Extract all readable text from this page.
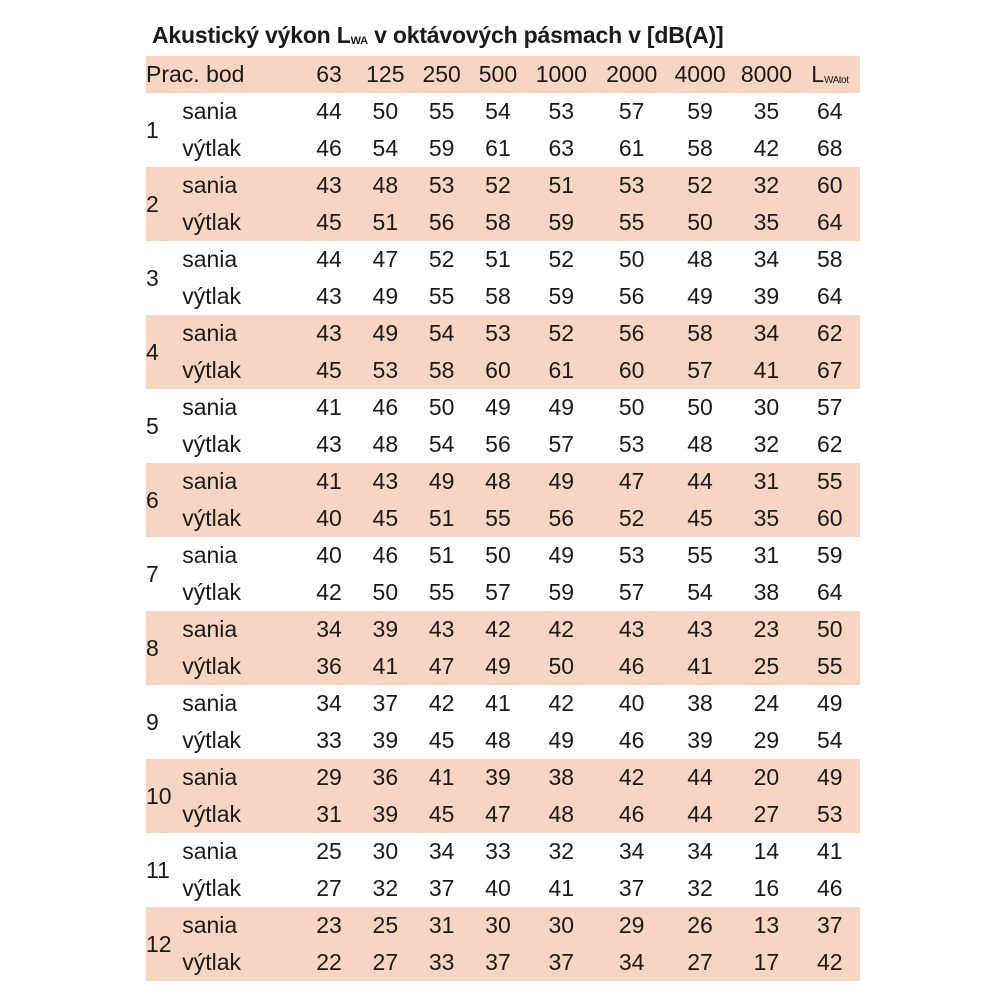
Akustický výkon $L_{WA}$ v oktávových pásmach v [dB(A)]
Prac. bod		63	125	250	500	1000	2000	4000	8000	$L_{WAtot}$
1	sania	44	50	55	54	53	57	59	35	64
	výtlak	46	54	59	61	63	61	58	42	68
2	sania	43	48	53	52	51	53	52	32	60
	výtlak	45	51	56	58	59	55	50	35	64
3	sania	44	47	52	51	52	50	48	34	58
	výtlak	43	49	55	58	59	56	49	39	64
4	sania	43	49	54	53	52	56	58	34	62
	výtlak	45	53	58	60	61	60	57	41	67
5	sania	41	46	50	49	49	50	50	30	57
	výtlak	43	48	54	56	57	53	48	32	62
6	sania	41	43	49	48	49	47	44	31	55
	výtlak	40	45	51	55	56	52	45	35	60
7	sania	40	46	51	50	49	53	55	31	59
	výtlak	42	50	55	57	59	57	54	38	64
8	sania	34	39	43	42	42	43	43	23	50
	výtlak	36	41	47	49	50	46	41	25	55
9	sania	34	37	42	41	42	40	38	24	49
	výtlak	33	39	45	48	49	46	39	29	54
10	sania	29	36	41	39	38	42	44	20	49
	výtlak	31	39	45	47	48	46	44	27	53
11	sania	25	30	34	33	32	34	34	14	41
	výtlak	27	32	37	40	41	37	32	16	46
12	sania	23	25	31	30	30	29	26	13	37
	výtlak	22	27	33	37	37	34	27	17	42
